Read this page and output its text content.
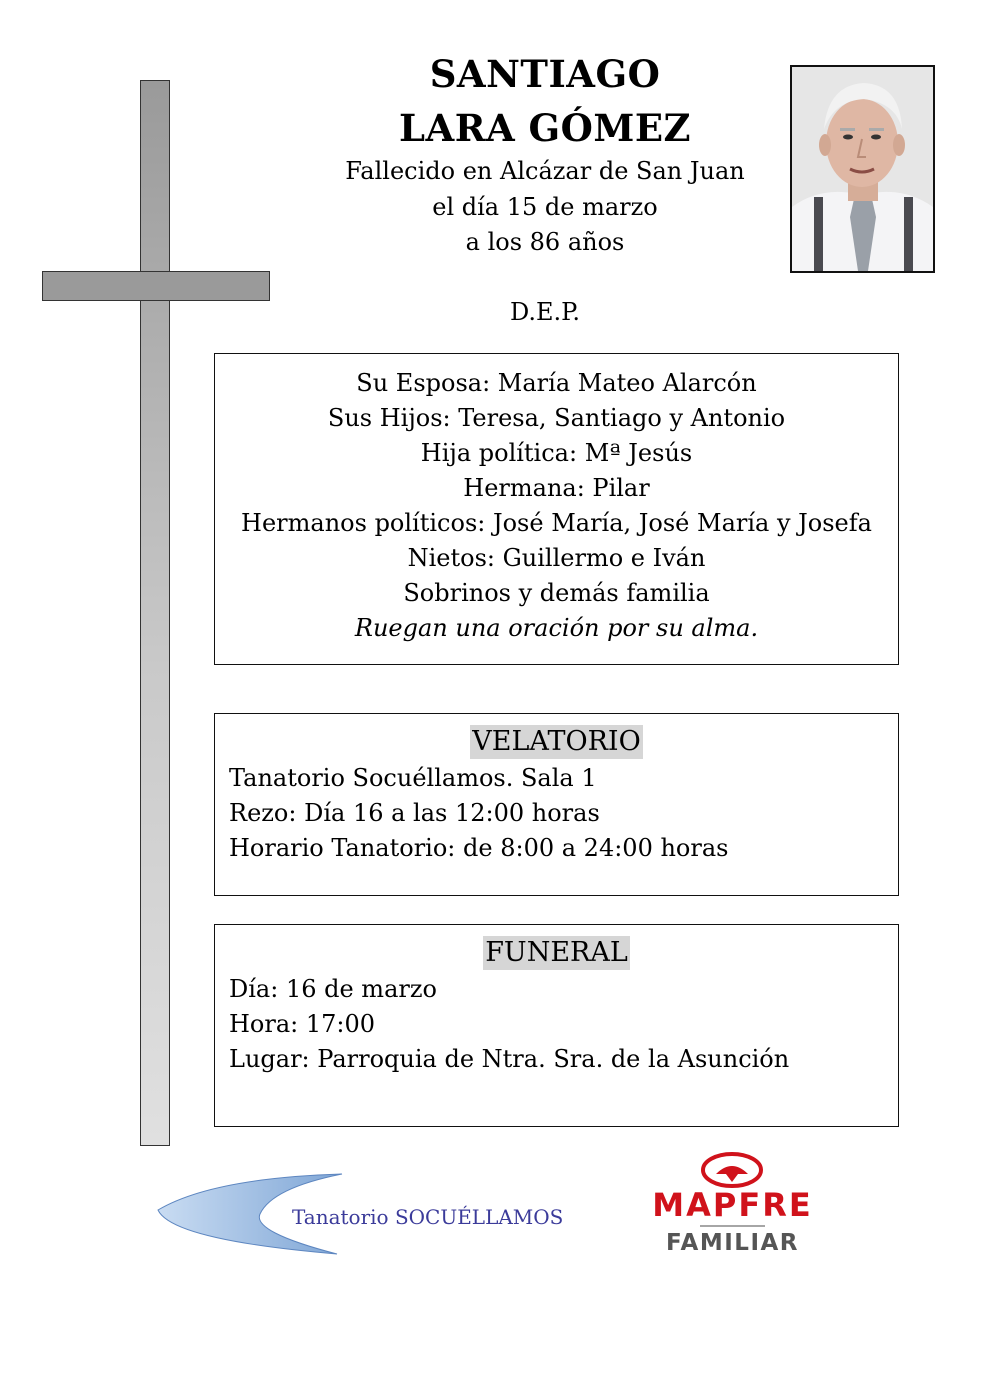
SANTIAGO
LARA GÓMEZ
Fallecido en Alcázar de San Juan
el día 15 de marzo
a los 86 años
D.E.P.
Su Esposa: María Mateo Alarcón
Sus Hijos: Teresa, Santiago y Antonio
Hija política: Mª Jesús
Hermana: Pilar
Hermanos políticos: José María, José María y Josefa
Nietos: Guillermo e Iván
Sobrinos y demás familia
Ruegan una oración por su alma.
VELATORIO
Tanatorio Socuéllamos. Sala 1
Rezo: Día 16 a las 12:00 horas
Horario Tanatorio: de 8:00 a 24:00 horas
FUNERAL
Día: 16 de marzo
Hora: 17:00
Lugar: Parroquia de Ntra. Sra. de la Asunción
Tanatorio SOCUÉLLAMOS	MAPFRE
FAMILIAR
